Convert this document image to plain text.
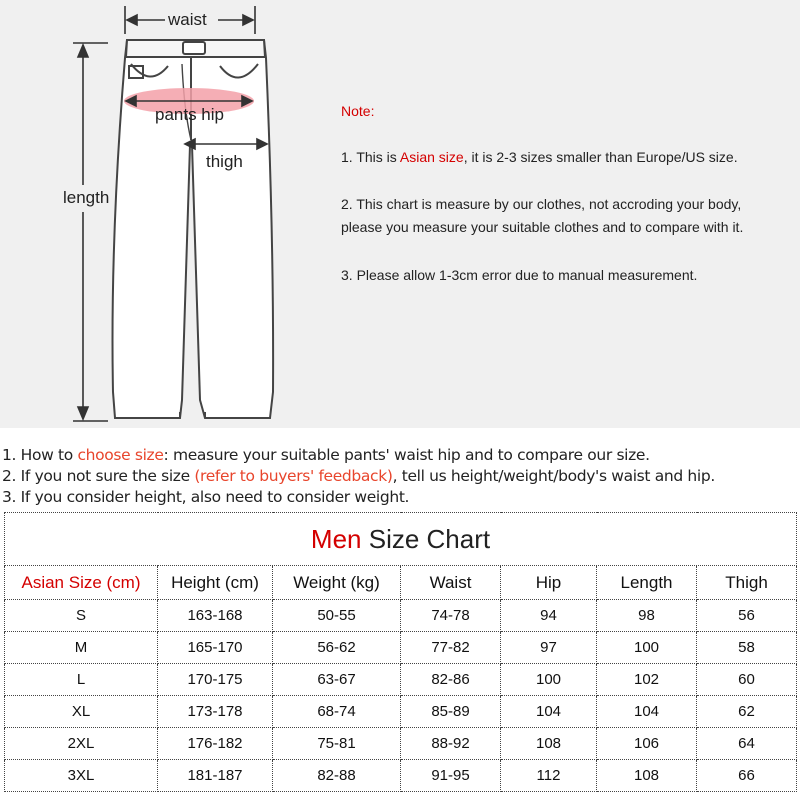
waist
pants hip
thigh
length
Note:
1. This is Asian size, it is 2-3 sizes smaller than Europe/US size.
2. This chart is measure by our clothes, not accroding your body,
please you measure your suitable clothes and to compare with it.
3. Please allow 1-3cm error due to manual measurement.
1. How to choose size: measure your suitable pants' waist hip and to compare our size.
2. If you not sure the size (refer to buyers' feedback), tell us height/weight/body's waist and hip.
3. If you consider height, also need to consider weight.
Men Size Chart						
Asian Size (cm)	Height (cm)	Weight (kg)	Waist	Hip	Length	Thigh
S	163-168	50-55	74-78	94	98	56
M	165-170	56-62	77-82	97	100	58
L	170-175	63-67	82-86	100	102	60
XL	173-178	68-74	85-89	104	104	62
2XL	176-182	75-81	88-92	108	106	64
3XL	181-187	82-88	91-95	112	108	66
